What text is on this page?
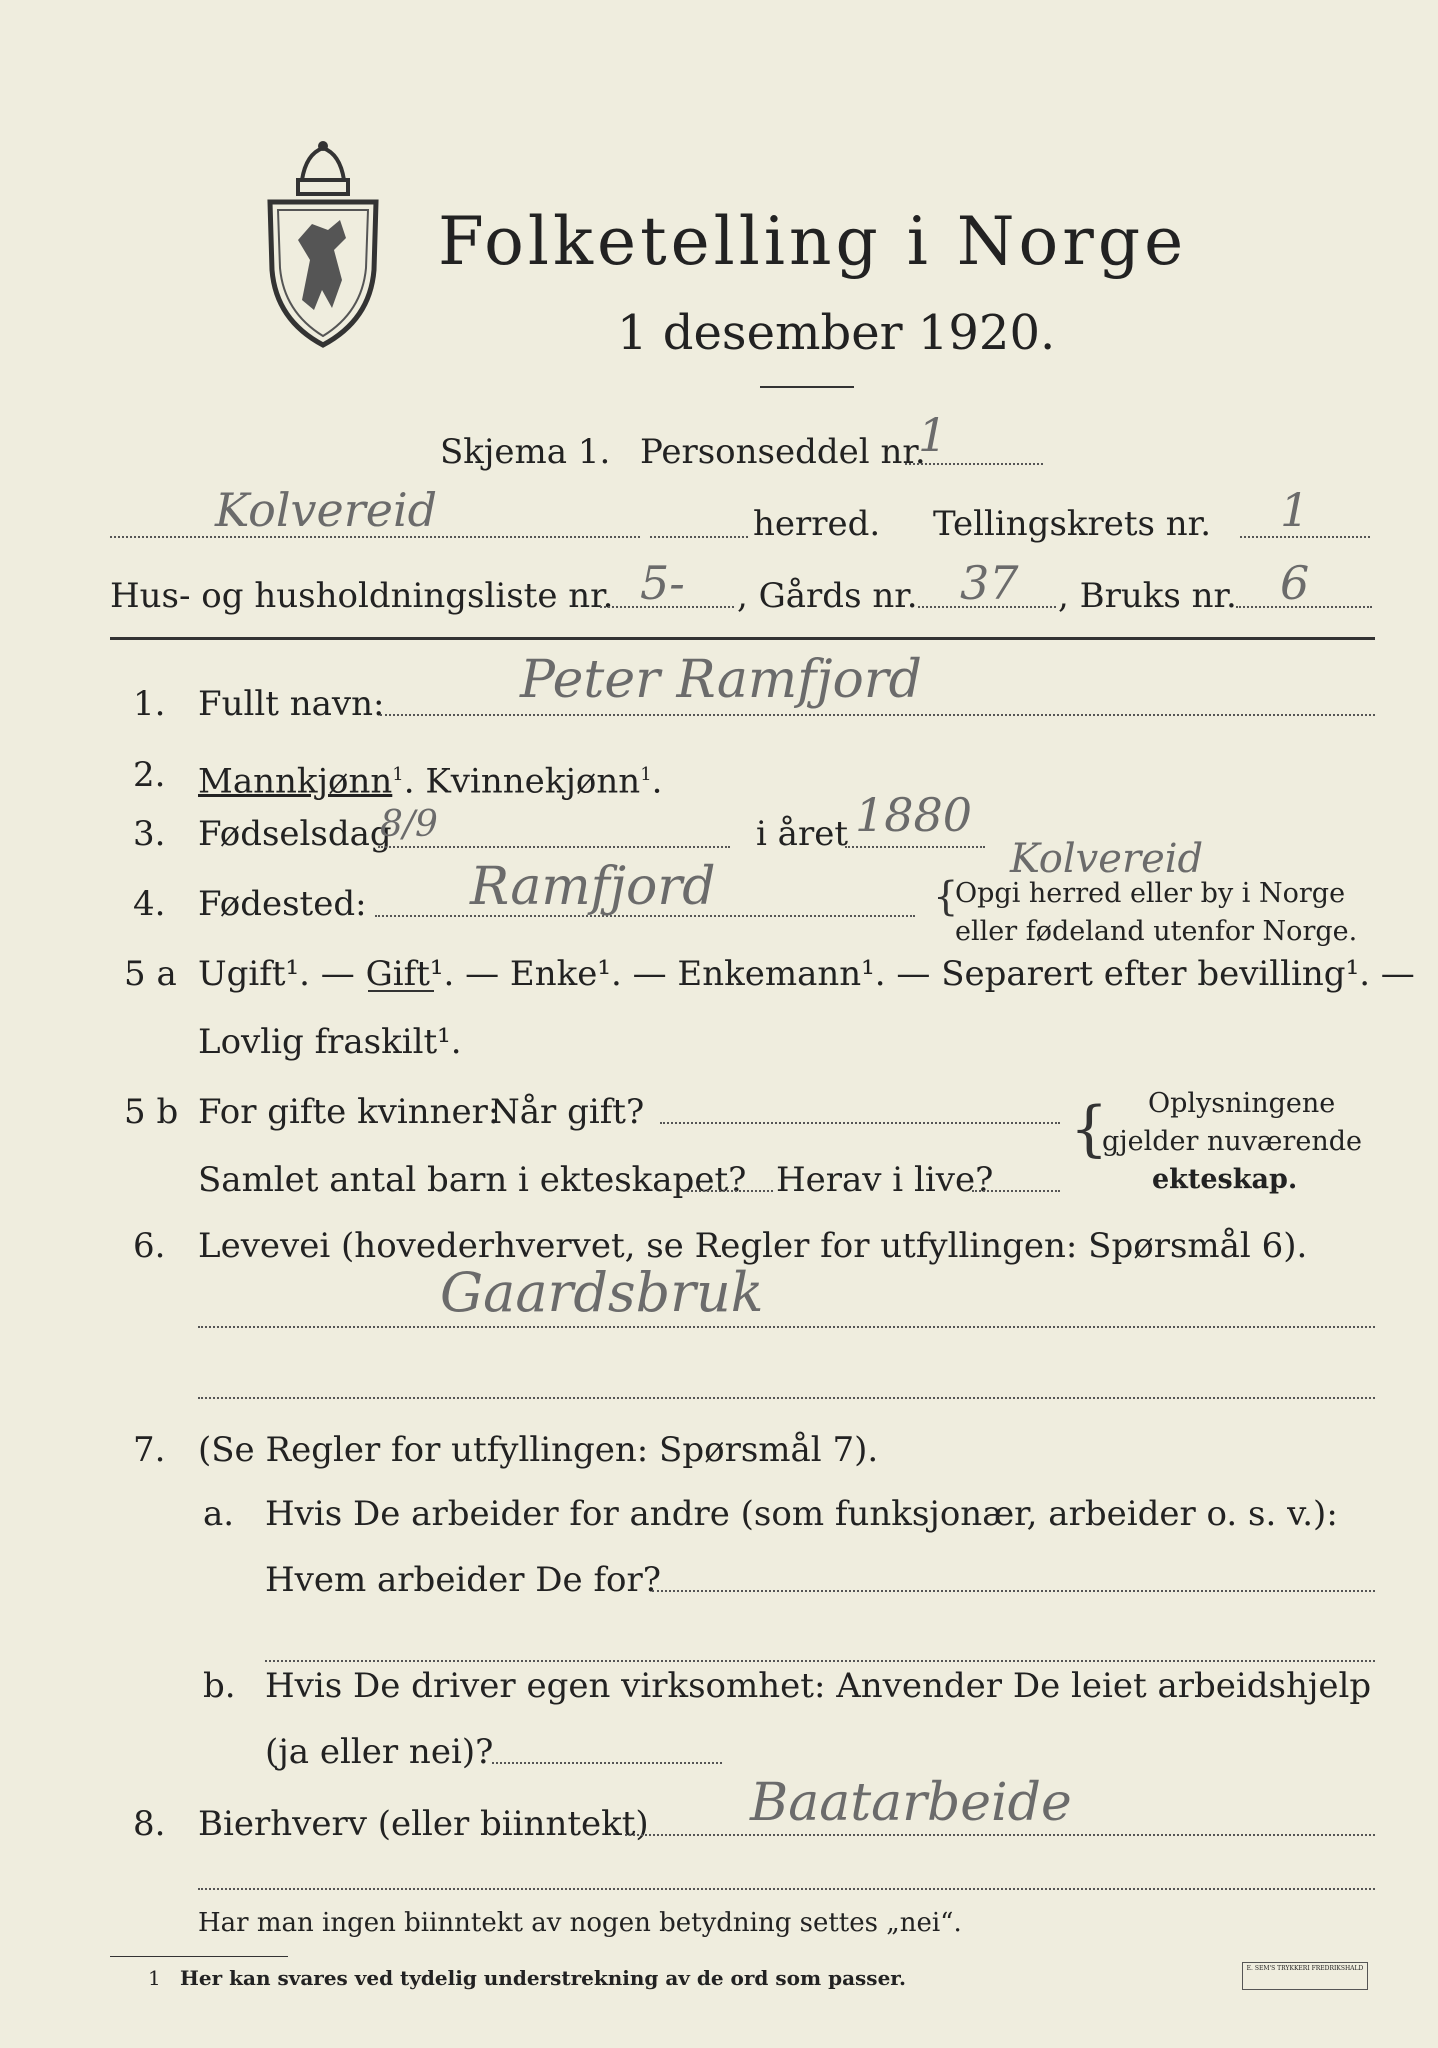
Folketelling i Norge
1 desember 1920.
Skjema 1. Personseddel nr.
1
Kolvereid	herred. Tellingskrets nr. 1
Hus- og husholdningsliste nr. 5- , Gårds nr. 37 , Bruks nr. 6
1. Fullt navn:	Peter Ramfjord
2. Mannkjønn$^1$. Kvinnekjønn$^1$.
3. Fødselsdag
8/9	i året 1880
4. Fødested: Ramfjord	Kolvereid
{
Opgi herred eller by i Norge
eller fødeland utenfor Norge.
5 a Ugift¹. — Gift¹. — Enke¹. — Enkemann¹. — Separert efter bevilling¹. —
Lovlig fraskilt¹.
5 b For gifte kvinner:
Når gift?
Samlet antal barn i ekteskapet? Herav i live?
{ Oplysningene
gjelder nuværende
ekteskap.
6. Levevei (hovederhvervet, se Regler for utfyllingen: Spørsmål 6).
Gaardsbruk
7. (Se Regler for utfyllingen: Spørsmål 7).
a. Hvis De arbeider for andre (som funksjonær, arbeider o. s. v.):
Hvem arbeider De for?
b. Hvis De driver egen virksomhet: Anvender De leiet arbeidshjelp
(ja eller nei)?
8. Bierhverv (eller biinntekt) Baatarbeide
Har man ingen biinntekt av nogen betydning settes „nei“.
1 Her kan svares ved tydelig understrekning av de ord som passer.	E. SEM'S TRYKKERI FREDRIKSHALD
